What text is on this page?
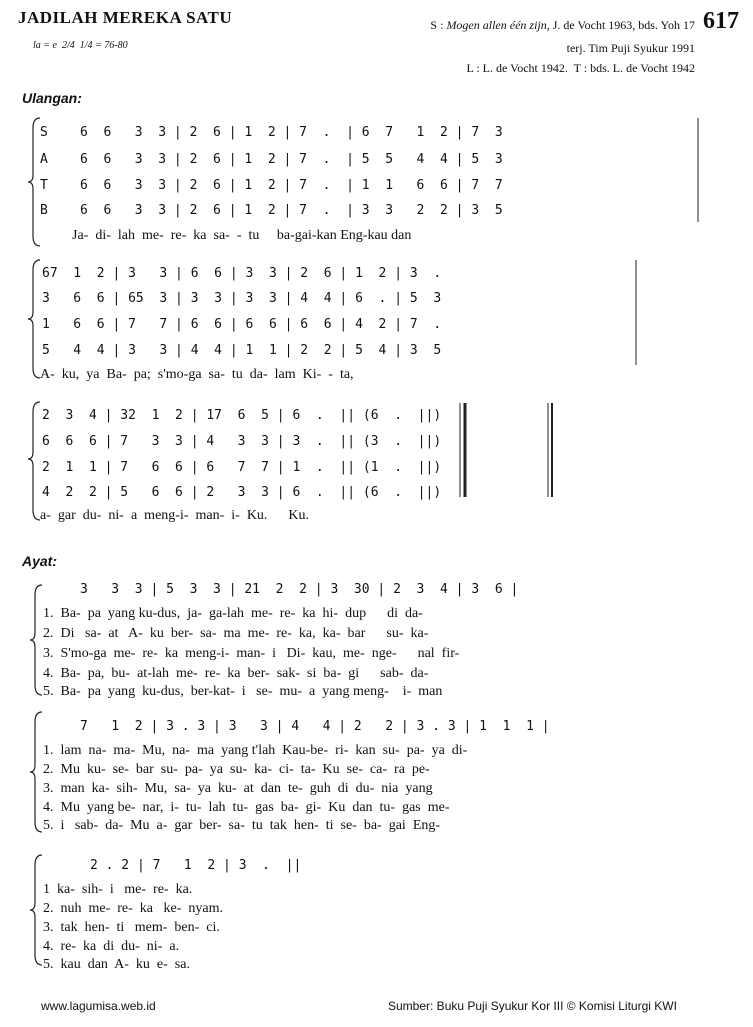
JADILAH MEREKA SATU
la = e  2/4  1/4 = 76-80
S : Mogen allen één zijn, J. de Vocht 1963, bds. Yoh 17
terj. Tim Puji Syukur 1991
L : L. de Vocht 1942.  T : bds. L. de Vocht 1942
617
Ulangan:
Ayat:
S
A
T
B
6  6   3  3 | 2  6 | 1  2 | 7  .  | 6  7   1  2 | 7  3
6  6   3  3 | 2  6 | 1  2 | 7  .  | 5  5   4  4 | 5  3
6  6   3  3 | 2  6 | 1  2 | 7  .  | 1  1   6  6 | 7  7
6  6   3  3 | 2  6 | 1  2 | 7  .  | 3  3   2  2 | 3  5
Ja-  di-  lah  me-  re-  ka  sa-  -  tu     ba-gai-kan Eng-kau dan
67  1  2 | 3   3 | 6  6 | 3  3 | 2  6 | 1  2 | 3  .
3   6  6 | 65  3 | 3  3 | 3  3 | 4  4 | 6  . | 5  3
1   6  6 | 7   7 | 6  6 | 6  6 | 6  6 | 4  2 | 7  .
5   4  4 | 3   3 | 4  4 | 1  1 | 2  2 | 5  4 | 3  5
A-  ku,  ya  Ba-  pa;  s'mo-ga  sa-  tu  da-  lam  Ki-  -  ta,
2  3  4 | 32  1  2 | 17  6  5 | 6  .  || (6  .  ||)
6  6  6 | 7   3  3 | 4   3  3 | 3  .  || (3  .  ||)
2  1  1 | 7   6  6 | 6   7  7 | 1  .  || (1  .  ||)
4  2  2 | 5   6  6 | 2   3  3 | 6  .  || (6  .  ||)
a-  gar  du-  ni-  a  meng-i-  man-  i-  Ku.      Ku.
3   3  3 | 5  3  3 | 21  2  2 | 3  30 | 2  3  4 | 3  6 |
1.  Ba-  pa  yang ku-dus,  ja-  ga-lah  me-  re-  ka  hi-  dup      di  da-
2.  Di   sa-  at   A-  ku  ber-  sa-  ma  me-  re-  ka,  ka-  bar      su-  ka-
3.  S'mo-ga  me-  re-  ka  meng-i-  man-  i   Di-  kau,  me-  nge-      nal  fir-
4.  Ba-  pa,  bu-  at-lah  me-  re-  ka  ber-  sak-  si  ba-  gi      sab-  da-
5.  Ba-  pa  yang  ku-dus,  ber-kat-  i   se-  mu-  a  yang meng-    i-  man
7   1  2 | 3 . 3 | 3   3 | 4   4 | 2   2 | 3 . 3 | 1  1  1 |
1.  lam  na-  ma-  Mu,  na-  ma  yang t'lah  Kau-be-  ri-  kan  su-  pa-  ya  di-
2.  Mu  ku-  se-  bar  su-  pa-  ya  su-  ka-  ci-  ta-  Ku  se-  ca-  ra  pe-
3.  man  ka-  sih-  Mu,  sa-  ya  ku-  at  dan  te-  guh  di  du-  nia  yang
4.  Mu  yang be-  nar,  i-  tu-  lah  tu-  gas  ba-  gi-  Ku  dan  tu-  gas  me-
5.  i   sab-  da-  Mu  a-  gar  ber-  sa-  tu  tak  hen-  ti  se-  ba-  gai  Eng-
2 . 2 | 7   1  2 | 3  .  ||
1  ka-  sih-  i   me-  re-  ka.
2.  nuh  me-  re-  ka   ke-  nyam.
3.  tak  hen-  ti   mem-  ben-  ci.
4.  re-  ka  di  du-  ni-  a.
5.  kau  dan  A-  ku  e-  sa.
www.lagumisa.web.id	Sumber: Buku Puji Syukur Kor III © Komisi Liturgi KWI
